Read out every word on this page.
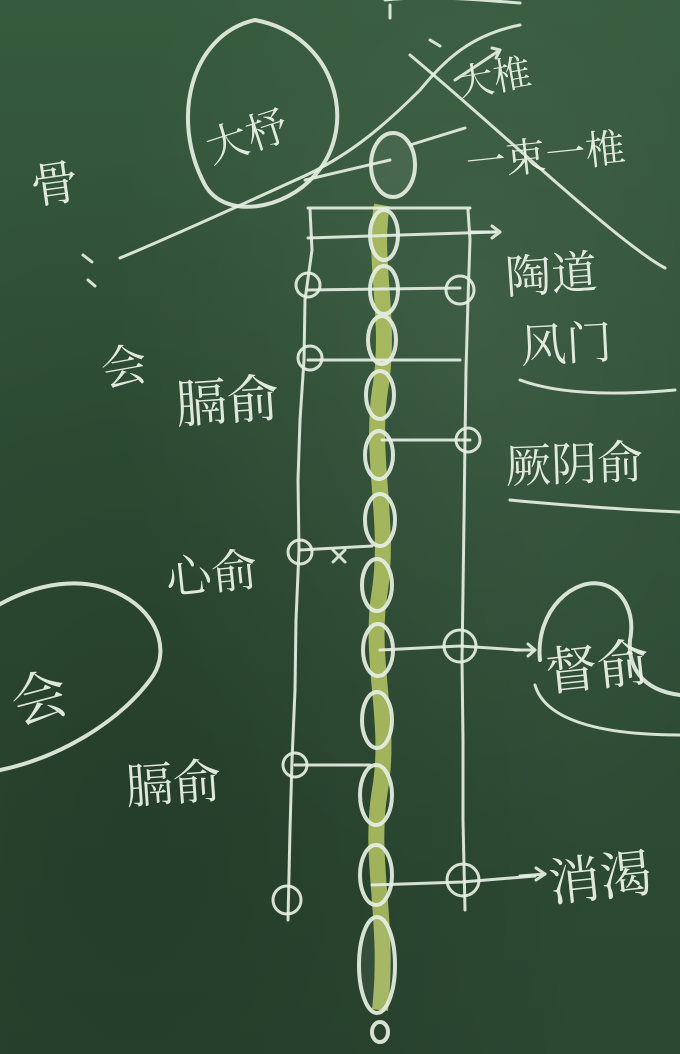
大杼
骨
会
膈俞
心俞
会
膈俞
大椎
一束一椎
陶道
风门
厥阴俞
督俞
消渴
